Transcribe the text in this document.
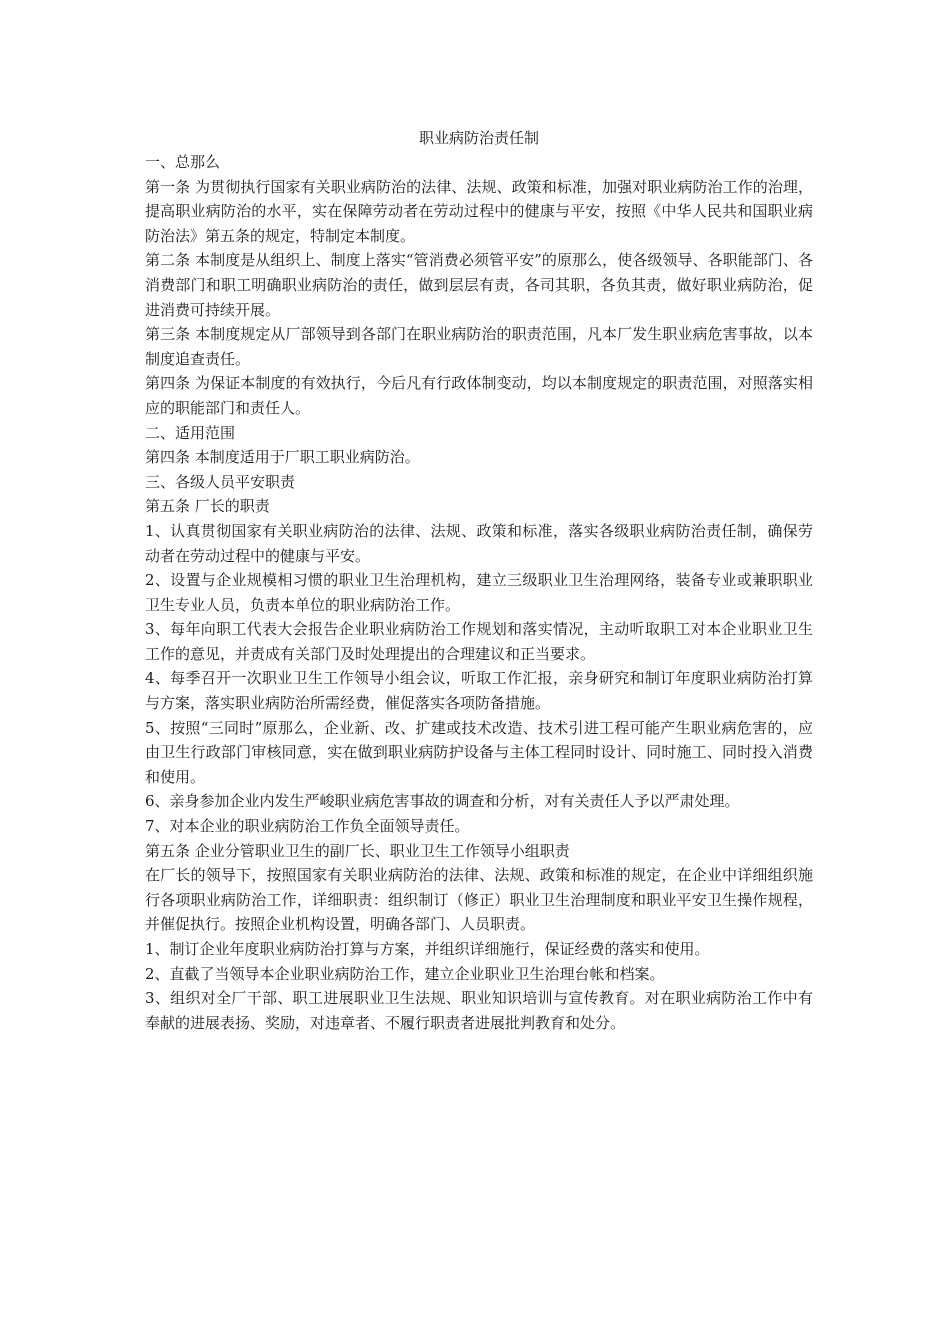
职业病防治责任制

一、总那么

第一条 为贯彻执行国家有关职业病防治的法律、法规、政策和标准，加强对职业病防治工作的治理，提高职业病防治的水平，实在保障劳动者在劳动过程中的健康与平安，按照《中华人民共和国职业病防治法》第五条的规定，特制定本制度。

第二条 本制度是从组织上、制度上落实“管消费必须管平安”的原那么，使各级领导、各职能部门、各消费部门和职工明确职业病防治的责任，做到层层有责，各司其职，各负其责，做好职业病防治，促进消费可持续开展。

第三条 本制度规定从厂部领导到各部门在职业病防治的职责范围，凡本厂发生职业病危害事故，以本制度追查责任。

第四条 为保证本制度的有效执行，今后凡有行政体制变动，均以本制度规定的职责范围，对照落实相应的职能部门和责任人。

二、适用范围

第四条 本制度适用于厂职工职业病防治。

三、各级人员平安职责

第五条 厂长的职责

1、认真贯彻国家有关职业病防治的法律、法规、政策和标准，落实各级职业病防治责任制，确保劳动者在劳动过程中的健康与平安。

2、设置与企业规模相习惯的职业卫生治理机构，建立三级职业卫生治理网络，装备专业或兼职职业卫生专业人员，负责本单位的职业病防治工作。

3、每年向职工代表大会报告企业职业病防治工作规划和落实情况，主动听取职工对本企业职业卫生工作的意见，并责成有关部门及时处理提出的合理建议和正当要求。

4、每季召开一次职业卫生工作领导小组会议，听取工作汇报，亲身研究和制订年度职业病防治打算与方案，落实职业病防治所需经费，催促落实各项防备措施。

5、按照“三同时”原那么，企业新、改、扩建或技术改造、技术引进工程可能产生职业病危害的，应由卫生行政部门审核同意，实在做到职业病防护设备与主体工程同时设计、同时施工、同时投入消费和使用。

6、亲身参加企业内发生严峻职业病危害事故的调查和分析，对有关责任人予以严肃处理。

7、对本企业的职业病防治工作负全面领导责任。

第五条 企业分管职业卫生的副厂长、职业卫生工作领导小组职责

在厂长的领导下，按照国家有关职业病防治的法律、法规、政策和标准的规定，在企业中详细组织施行各项职业病防治工作，详细职责：组织制订（修正）职业卫生治理制度和职业平安卫生操作规程，并催促执行。按照企业机构设置，明确各部门、人员职责。

1、制订企业年度职业病防治打算与方案，并组织详细施行，保证经费的落实和使用。

2、直截了当领导本企业职业病防治工作，建立企业职业卫生治理台帐和档案。

3、组织对全厂干部、职工进展职业卫生法规、职业知识培训与宣传教育。对在职业病防治工作中有奉献的进展表扬、奖励，对违章者、不履行职责者进展批判教育和处分。
